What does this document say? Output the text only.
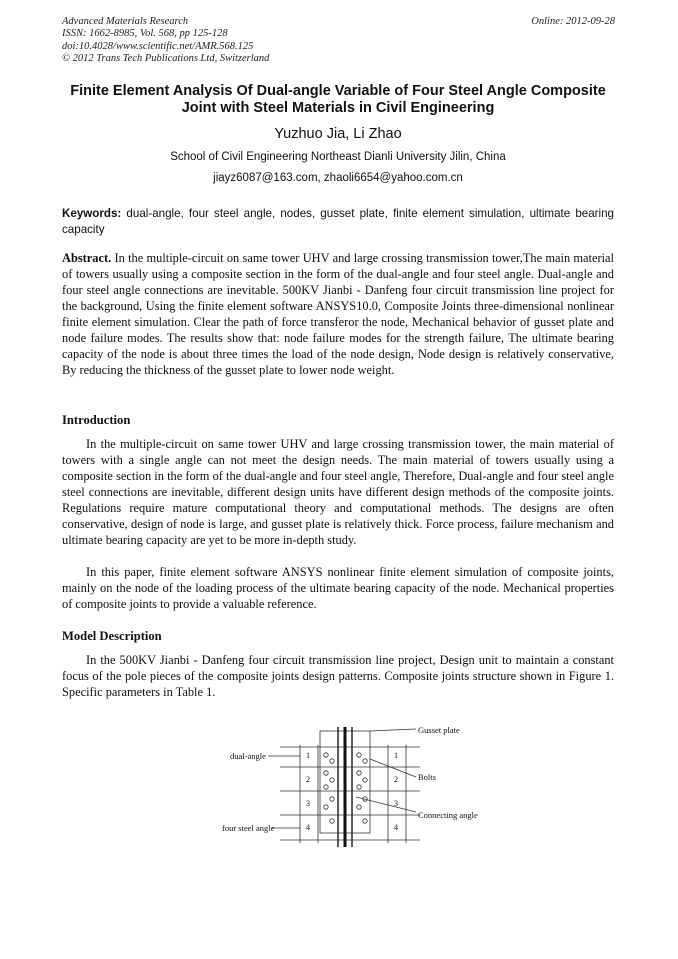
Advanced Materials Research
ISSN: 1662-8985, Vol. 568, pp 125-128
doi:10.4028/www.scientific.net/AMR.568.125
© 2012 Trans Tech Publications Ltd, Switzerland
Online: 2012-09-28
Finite Element Analysis Of Dual-angle Variable of Four Steel Angle Composite Joint with Steel Materials in Civil Engineering
Yuzhuo Jia, Li Zhao
School of Civil Engineering Northeast Dianli University Jilin, China
jiayz6087@163.com, zhaoli6654@yahoo.com.cn
Keywords: dual-angle, four steel angle, nodes, gusset plate, finite element simulation, ultimate bearing capacity
Abstract. In the multiple-circuit on same tower UHV and large crossing transmission tower,The main material of towers usually using a composite section in the form of the dual-angle and four steel angle. Dual-angle and four steel angle connections are inevitable. 500KV Jianbi - Danfeng four circuit transmission line project for the background, Using the finite element software ANSYS10.0, Composite Joints three-dimensional nonlinear finite element simulation. Clear the path of force transferor the node, Mechanical behavior of gusset plate and node failure modes. The results show that: node failure modes for the strength failure, The ultimate bearing capacity of the node is about three times the load of the node design, Node design is relatively conservative, By reducing the thickness of the gusset plate to lower node weight.
Introduction
In the multiple-circuit on same tower UHV and large crossing transmission tower, the main material of towers with a single angle can not meet the design needs. The main material of towers usually using a composite section in the form of the dual-angle and four steel angle, Therefore, Dual-angle and four steel angle steel connections are inevitable, different design units have different design methods of the composite joints. Regulations require mature computational theory and computational methods. The designs are often conservative, design of node is large, and gusset plate is relatively thick. Force process, failure mechanism and ultimate bearing capacity are yet to be more in-depth study.
In this paper, finite element software ANSYS nonlinear finite element simulation of composite joints, mainly on the node of the loading process of the ultimate bearing capacity of the node. Mechanical properties of composite joints to provide a valuable reference.
Model Description
In the 500KV Jianbi - Danfeng four circuit transmission line project, Design unit to maintain a constant focus of the pole pieces of the composite joints design patterns. Composite joints structure shown in Figure 1. Specific parameters in Table 1.
1
2
3
4
1
2
3
4
dual-angle
four steel angle
Gusset plate
Bolts
Connecting angle
